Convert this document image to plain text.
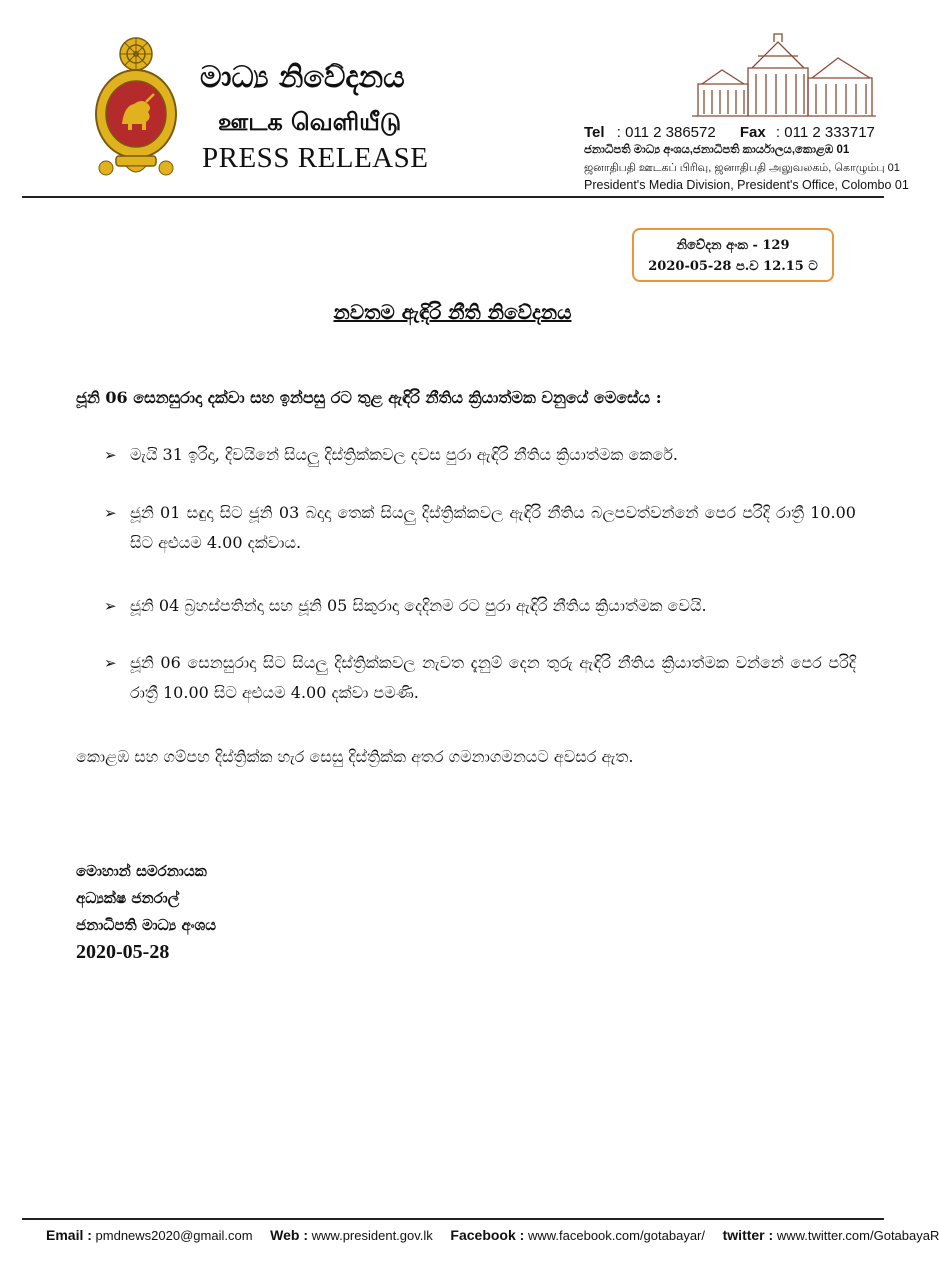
මාධ්‍ය නිවේදනය
ஊடக வெளியீடு
PRESS RELEASE
Tel : 011 2 386572 Fax : 011 2 333717
ජනාධිපති මාධ්‍ය අංශය,ජනාධිපති කාර්යාලය,කොළඹ 01
ஜனாதிபதி ஊடகப் பிரிவு, ஜனாதிபதி அலுவலகம், கொழும்பு 01
President's Media Division, President's Office, Colombo 01
නිවේදන අංක - 129
2020-05-28 ප.ව 12.15 ට
නවතම ඇඳිරි නීති නිවේදනය
ජූනි 06 සෙනසුරාදා දක්වා සහ ඉන්පසු රට තුළ ඇඳිරි නීතිය ක්‍රියාත්මක වනුයේ මෙසේය :
➢ මැයි 31 ඉරිදා, දිවයිනේ සියලු දිස්ත්‍රික්කවල දවස පුරා ඇඳිරි නීතිය ක්‍රියාත්මක කෙරේ.
➢ ජූනි 01 සඳුදා සිට ජූනි 03 බදාදා තෙක් සියලු දිස්ත්‍රික්කවල ඇඳිරි නීතිය බලපවත්වන්නේ පෙර පරිදි රාත්‍රී 10.00 සිට අළුයම 4.00 දක්වාය.
➢ ජූනි 04 බ්‍රහස්පතින්දා සහ ජූනි 05 සිකුරාදා දෙදිනම රට පුරා ඇඳිරි නීතිය ක්‍රියාත්මක වෙයි.
➢ ජූනි 06 සෙනසුරාදා සිට සියලු දිස්ත්‍රික්කවල නැවත දැනුම් දෙන තුරු ඇඳිරි නීතිය ක්‍රියාත්මක වන්නේ පෙර පරිදි රාත්‍රී 10.00 සිට අළුයම 4.00 දක්වා පමණි.
කොළඹ සහ ගම්පහ දිස්ත්‍රික්ක හැර සෙසු දිස්ත්‍රික්ක අතර ගමනාගමනයට අවසර ඇත.
මොහාන් සමරනායක
අධ්‍යක්ෂ ජනරාල්
ජනාධිපති මාධ්‍ය අංශය
2020-05-28
Email : pmdnews2020@gmail.com Web : www.president.gov.lk Facebook : www.facebook.com/gotabayar/ twitter : www.twitter.com/GotabayaR
